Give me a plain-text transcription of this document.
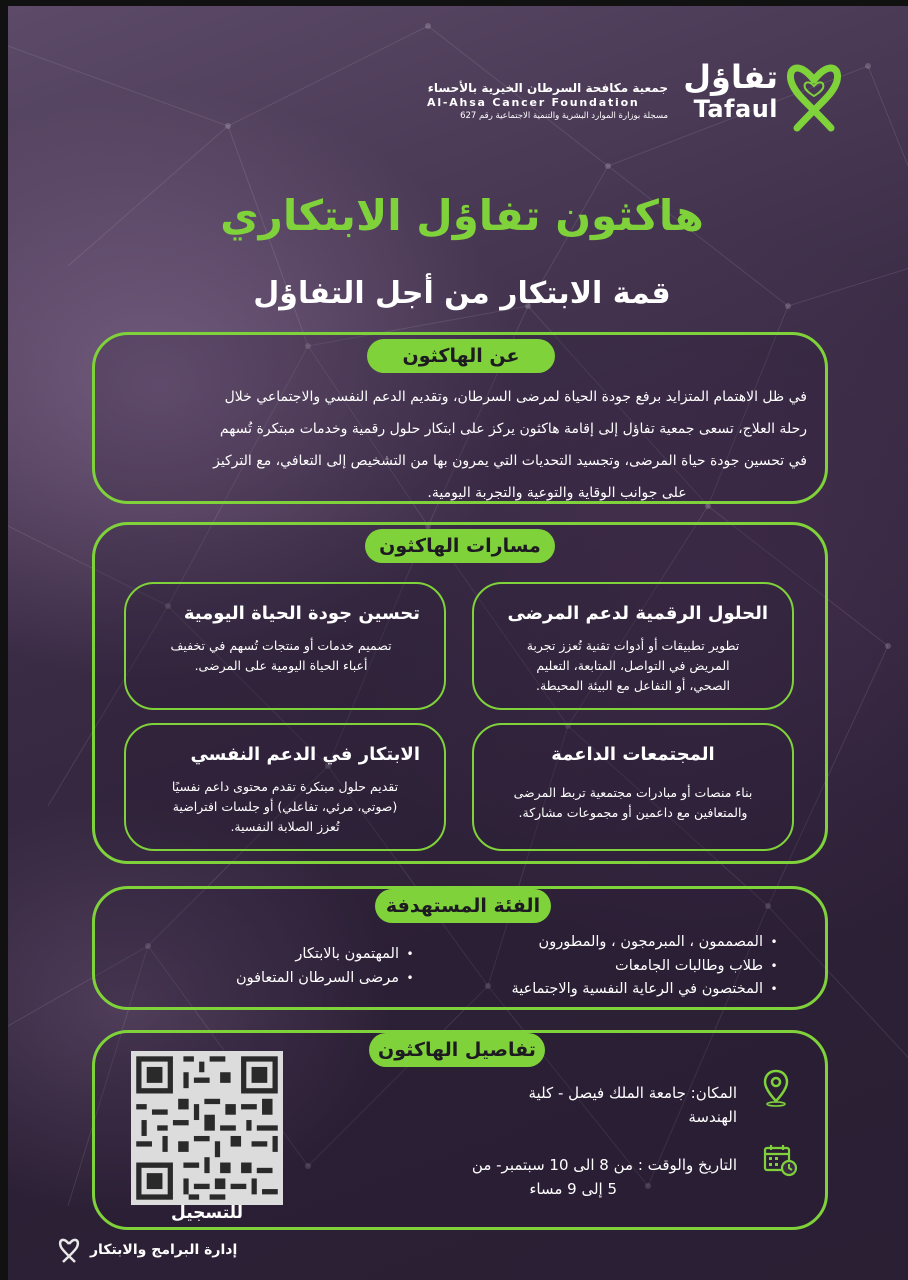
جمعية مكافحة السرطان الخيرية بالأحساء
Al-Ahsa Cancer Foundation
مسجلة بوزارة الموارد البشرية والتنمية الاجتماعية رقم 627
تفاؤل
Tafaul
هاكثون تفاؤل الابتكاري
قمة الابتكار من أجل التفاؤل
عن الهاكثون

في ظل الاهتمام المتزايد برفع جودة الحياة لمرضى السرطان، وتقديم الدعم النفسي والاجتماعي خلال

رحلة العلاج، تسعى جمعية تفاؤل إلى إقامة هاكثون يركز على ابتكار حلول رقمية وخدمات مبتكرة تُسهم

في تحسين جودة حياة المرضى، وتجسيد التحديات التي يمرون بها من التشخيص إلى التعافي، مع التركيز

على جوانب الوقاية والتوعية والتجربة اليومية.

مسارات الهاكثون
الحلول الرقمية لدعم المرضى

تطوير تطبيقات أو أدوات تقنية تُعزز تجربة

المريض في التواصل، المتابعة، التعليم

الصحي، أو التفاعل مع البيئة المحيطة.

تحسين جودة الحياة اليومية

تصميم خدمات أو منتجات تُسهم في تخفيف

أعباء الحياة اليومية على المرضى.

المجتمعات الداعمة

بناء منصات أو مبادرات مجتمعية تربط المرضى

والمتعافين مع داعمين أو مجموعات مشاركة.

الابتكار في الدعم النفسي

تقديم حلول مبتكرة تقدم محتوى داعم نفسيًا

(صوتي، مرئي، تفاعلي) أو جلسات افتراضية

تُعزز الصلابة النفسية.

الفئة المستهدفة
• المصممون ، المبرمجون ، والمطورون
• طلاب وطالبات الجامعات
• المختصون في الرعاية النفسية والاجتماعية
• المهتمون بالابتكار
• مرضى السرطان المتعافون
تفاصيل الهاكثون
للتسجيل

المكان: جامعة الملك فيصل - كلية

الهندسة

التاريخ والوقت : من 8 الى 10 سبتمبر- من

5 إلى 9 مساء

إدارة البرامج والابتكار
